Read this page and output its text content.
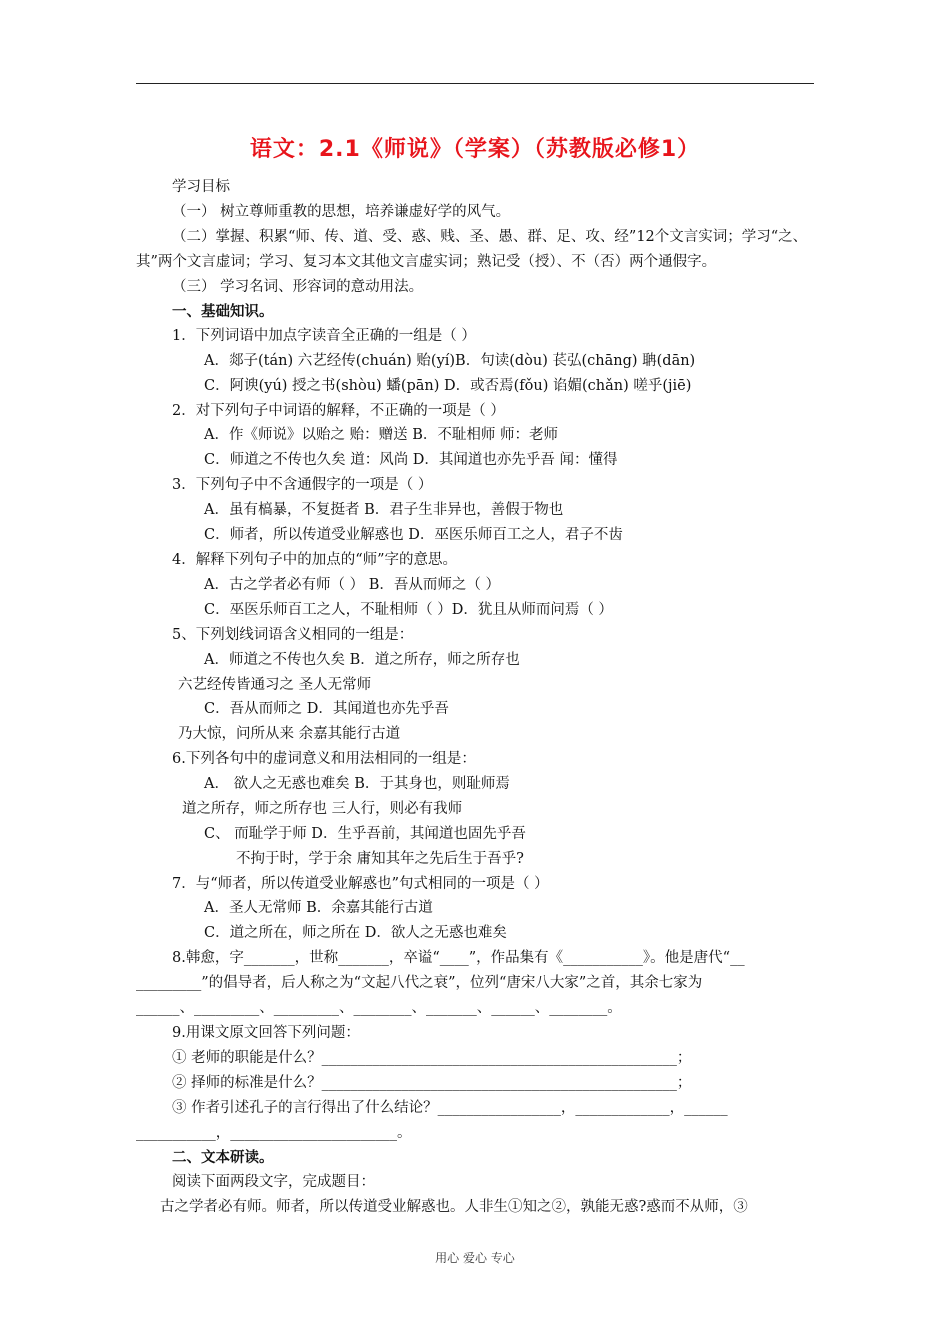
语文：2.1《师说》（学案）（苏教版必修1）
学习目标
（一） 树立尊师重教的思想，培养谦虚好学的风气。
（二）掌握、积累“师、传、道、受、惑、贱、圣、愚、群、足、攻、经”12个文言实词；学习“之、
其”两个文言虚词；学习、复习本文其他文言虚实词；熟记受（授）、不（否）两个通假字。
（三） 学习名词、形容词的意动用法。
一、基础知识。
1．下列词语中加点字读音全正确的一组是（ ）
A．郯子(tán) 六艺经传(chuán) 贻(yí)B．句读(dòu) 苌弘(chāng) 聃(dān)
C．阿谀(yú) 授之书(shòu) 蟠(pān) D．或否焉(fǒu) 谄媚(chǎn) 嗟乎(jiē)
2．对下列句子中词语的解释，不正确的一项是（ ）
A．作《师说》以贻之 贻：赠送 B．不耻相师 师：老师
C．师道之不传也久矣 道：风尚 D．其闻道也亦先乎吾 闻：懂得
3．下列句子中不含通假字的一项是（ ）
A．虽有槁暴，不复挺者 B．君子生非异也，善假于物也
C．师者，所以传道受业解惑也 D．巫医乐师百工之人，君子不齿
4．解释下列句子中的加点的“师”字的意思。
A．古之学者必有师（ ） B．吾从而师之（ ）
C．巫医乐师百工之人，不耻相师（ ）D．犹且从师而问焉（ ）
5、下列划线词语含义相同的一组是：
A．师道之不传也久矣 B．道之所存，师之所存也
六艺经传皆通习之 圣人无常师
C．吾从而师之 D．其闻道也亦先乎吾
乃大惊，问所从来 余嘉其能行古道
6.下列各句中的虚词意义和用法相同的一组是：
A． 欲人之无惑也难矣 B．于其身也，则耻师焉
道之所存，师之所存也 三人行，则必有我师
C、 而耻学于师 D．生乎吾前，其闻道也固先乎吾
不拘于时，学于余 庸知其年之先后生于吾乎?
7．与“师者，所以传道受业解惑也”句式相同的一项是（ ）
A．圣人无常师 B．余嘉其能行古道
C．道之所在，师之所在 D．欲人之无惑也难矣
8.韩愈，字_______，世称_______，卒谥“____”，作品集有《___________》。他是唐代“__
_________”的倡导者，后人称之为“文起八代之衰”，位列“唐宋八大家”之首，其余七家为
______、_________、_________、________、_______、______、________。
9.用课文原文回答下列问题：
① 老师的职能是什么？_________________________________________________；
② 择师的标准是什么？_________________________________________________；
③ 作者引述孔子的言行得出了什么结论？_________________，_____________，______
___________，_______________________。
二、文本研读。
阅读下面两段文字，完成题目：
古之学者必有师。师者，所以传道受业解惑也。人非生①知之②，孰能无惑?惑而不从师，③
用心 爱心 专心
